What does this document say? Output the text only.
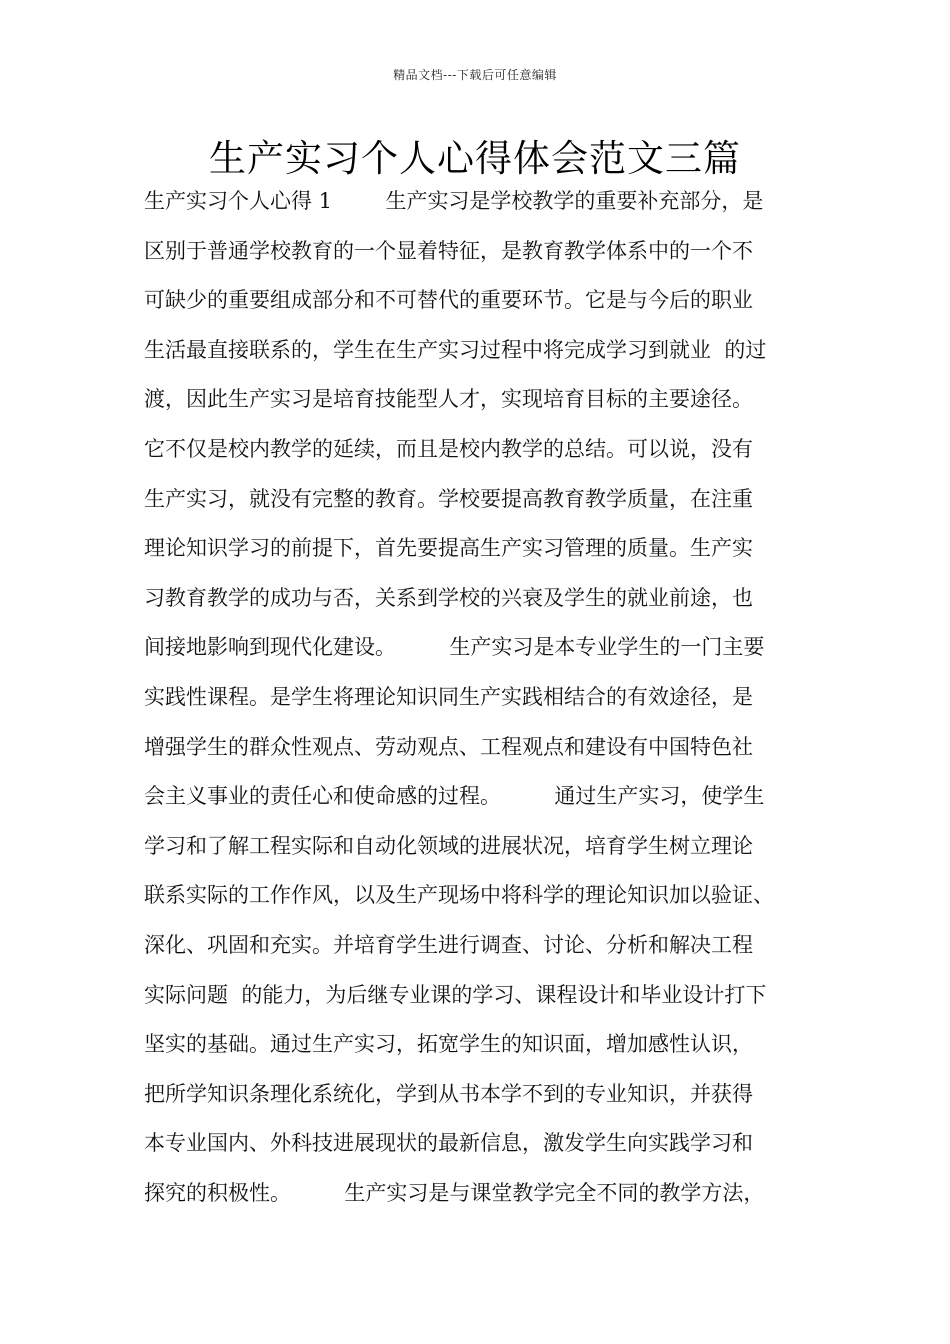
精品文档---下载后可任意编辑
生产实习个人心得体会范文三篇
生产实习个人心得 1        生产实习是学校教学的重要补充部分，是
区别于普通学校教育的一个显着特征，是教育教学体系中的一个不
可缺少的重要组成部分和不可替代的重要环节。它是与今后的职业
生活最直接联系的，学生在生产实习过程中将完成学习到就业  的过
渡，因此生产实习是培育技能型人才，实现培育目标的主要途径。
它不仅是校内教学的延续，而且是校内教学的总结。可以说，没有
生产实习，就没有完整的教育。学校要提高教育教学质量，在注重
理论知识学习的前提下，首先要提高生产实习管理的质量。生产实
习教育教学的成功与否，关系到学校的兴衰及学生的就业前途，也
间接地影响到现代化建设。        生产实习是本专业学生的一门主要
实践性课程。是学生将理论知识同生产实践相结合的有效途径，是
增强学生的群众性观点、劳动观点、工程观点和建设有中国特色社
会主义事业的责任心和使命感的过程。        通过生产实习，使学生
学习和了解工程实际和自动化领域的进展状况，培育学生树立理论
联系实际的工作作风，以及生产现场中将科学的理论知识加以验证、
深化、巩固和充实。并培育学生进行调查、讨论、分析和解决工程
实际问题  的能力，为后继专业课的学习、课程设计和毕业设计打下
坚实的基础。通过生产实习，拓宽学生的知识面，增加感性认识，
把所学知识条理化系统化，学到从书本学不到的专业知识，并获得
本专业国内、外科技进展现状的最新信息，激发学生向实践学习和
探究的积极性。        生产实习是与课堂教学完全不同的教学方法，
